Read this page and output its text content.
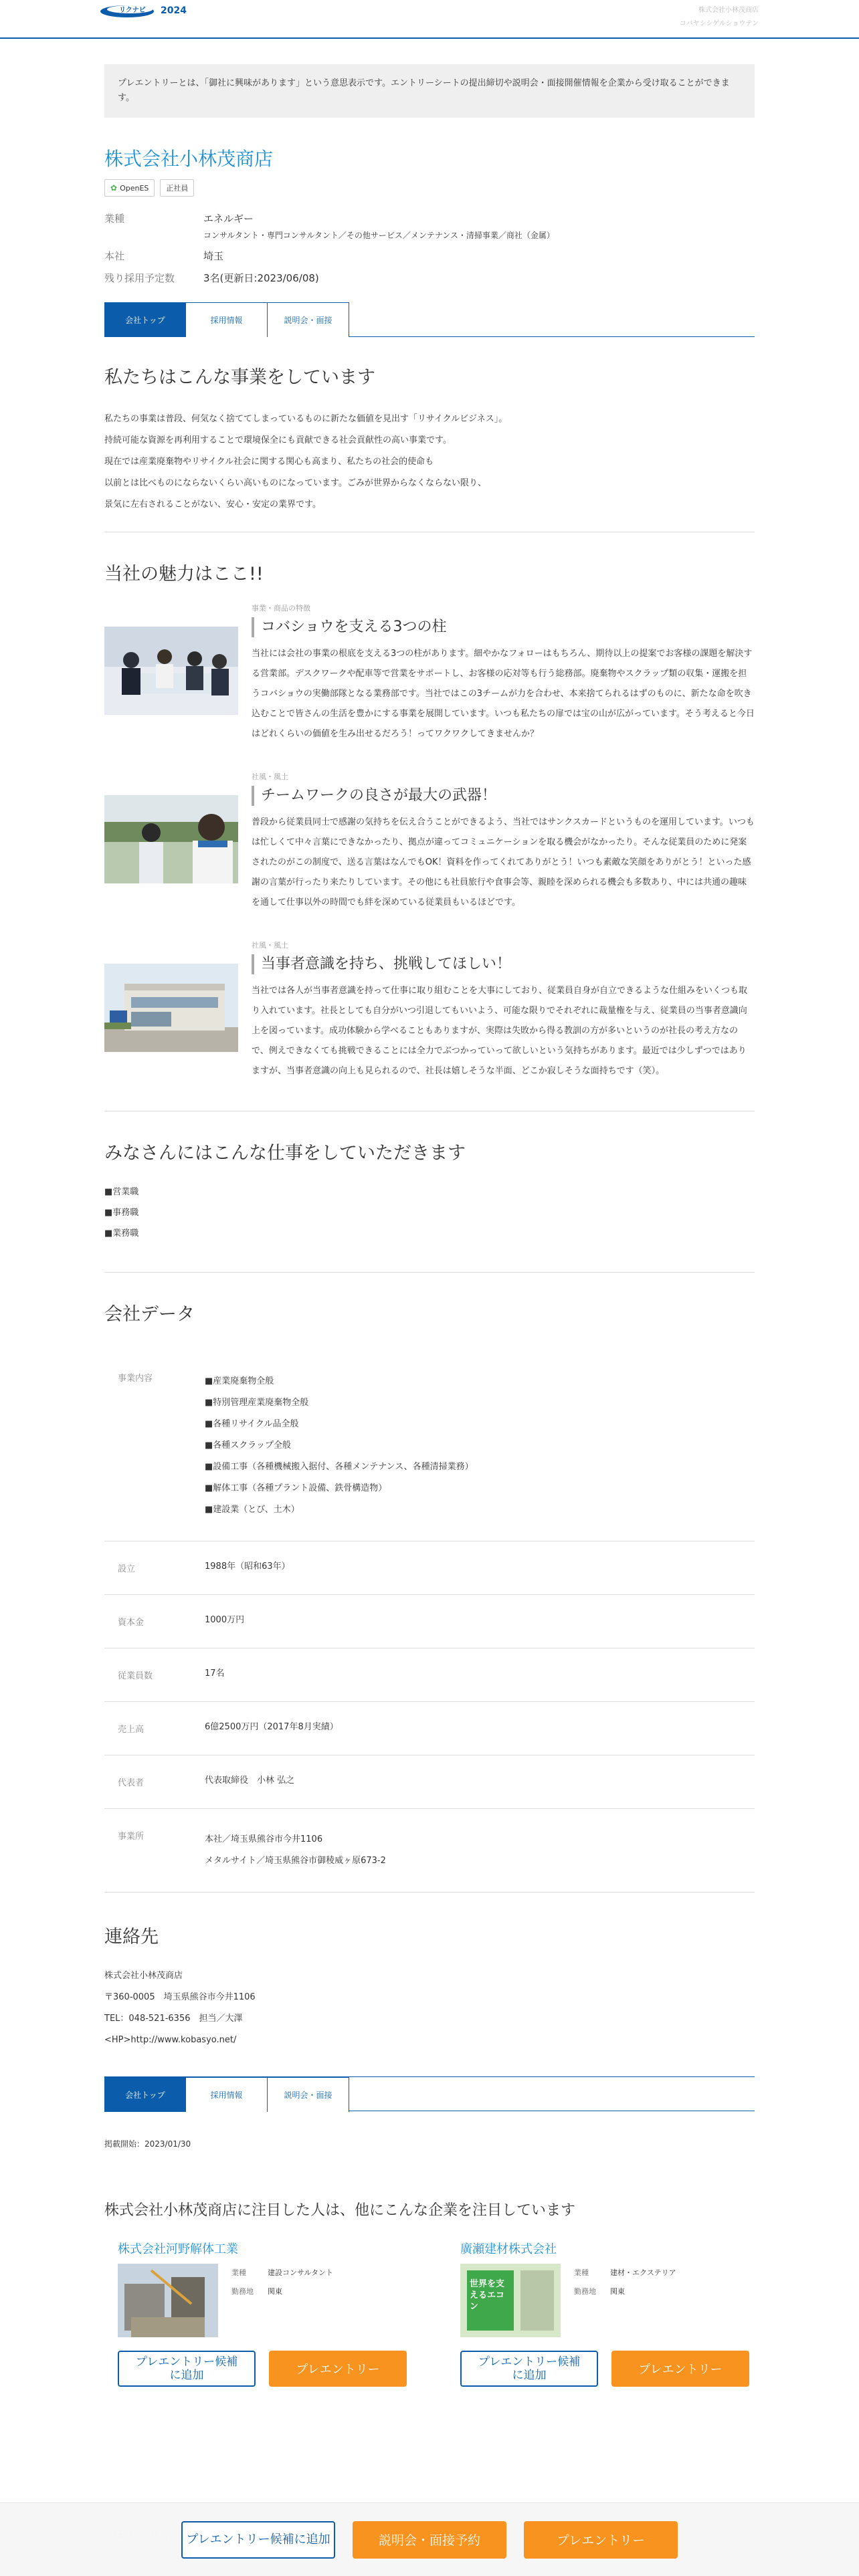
リクナビ 2024	株式会社小林茂商店
コバヤシシゲルショウテン
プレエントリーとは、「御社に興味があります」という意思表示です。エントリーシートの提出締切や説明会・面接開催情報を企業から受け取ることができます。
株式会社小林茂商店
✿ OpenES	正社員
業種	エネルギー
コンサルタント・専門コンサルタント／その他サービス／メンテナンス・清掃事業／商社（金属）
本社	埼玉
残り採用予定数	3名(更新日:2023/06/08)
会社トップ	採用情報	説明会・面接
私たちはこんな事業をしています
私たちの事業は普段、何気なく捨ててしまっているものに新たな価値を見出す「リサイクルビジネス」。
持続可能な資源を再利用することで環境保全にも貢献できる社会貢献性の高い事業です。
現在では産業廃棄物やリサイクル社会に関する関心も高まり、私たちの社会的使命も
以前とは比べものにならないくらい高いものになっています。ごみが世界からなくならない限り、
景気に左右されることがない、安心・安定の業界です。
当社の魅力はここ!!
事業・商品の特徴
コバショウを支える3つの柱
当社には会社の事業の根底を支える3つの柱があります。細やかなフォローはもちろん、期待以上の提案でお客様の課題を解決する営業部。デスクワークや配車等で営業をサポートし、お客様の応対等も行う総務部。廃棄物やスクラップ類の収集・運搬を担うコバショウの実働部隊となる業務部です。当社ではこの3チームが力を合わせ、本来捨てられるはずのものに、新たな命を吹き込むことで皆さんの生活を豊かにする事業を展開しています。いつも私たちの扉では宝の山が広がっています。そう考えると今日はどれくらいの価値を生み出せるだろう！ってワクワクしてきませんか？
社風・風土
チームワークの良さが最大の武器！
普段から従業員同士で感謝の気持ちを伝え合うことができるよう、当社ではサンクスカードというものを運用しています。いつもは忙しくて中々言葉にできなかったり、拠点が違ってコミュニケーションを取る機会がなかったり。そんな従業員のために発案されたのがこの制度で、送る言葉はなんでもOK！資料を作ってくれてありがとう！いつも素敵な笑顔をありがとう！といった感謝の言葉が行ったり来たりしています。その他にも社員旅行や食事会等、親睦を深められる機会も多数あり、中には共通の趣味を通して仕事以外の時間でも絆を深めている従業員もいるほどです。
社風・風土
当事者意識を持ち、挑戦してほしい！
当社では各人が当事者意識を持って仕事に取り組むことを大事にしており、従業員自身が自立できるような仕組みをいくつも取り入れています。社長としても自分がいつ引退してもいいよう、可能な限りでそれぞれに裁量権を与え、従業員の当事者意識向上を図っています。成功体験から学べることもありますが、実際は失敗から得る教訓の方が多いというのが社長の考え方なので、例えできなくても挑戦できることには全力でぶつかっていって欲しいという気持ちがあります。最近では少しずつではありますが、当事者意識の向上も見られるので、社長は嬉しそうな半面、どこか寂しそうな面持ちです（笑）。
みなさんにはこんな仕事をしていただきます
■営業職
■事務職
■業務職
会社データ
事業内容	■産業廃棄物全般
■特別管理産業廃棄物全般
■各種リサイクル品全般
■各種スクラップ全般
■設備工事（各種機械搬入据付、各種メンテナンス、各種清掃業務）
■解体工事（各種プラント設備、鉄骨構造物）
■建設業（とび、土木）
設立	1988年（昭和63年）
資本金	1000万円
従業員数	17名
売上高	6億2500万円（2017年8月実績）
代表者	代表取締役　小林 弘之
事業所	本社／埼玉県熊谷市今井1106
メタルサイト／埼玉県熊谷市御稜威ヶ原673-2
連絡先
株式会社小林茂商店
〒360-0005　埼玉県熊谷市今井1106
TEL：048-521-6356　担当／大澤
<HP>http://www.kobasyo.net/
会社トップ	採用情報	説明会・面接
掲載開始：2023/01/30
株式会社小林茂商店に注目した人は、他にこんな企業を注目しています
株式会社河野解体工業
業種	建設コンサルタント
勤務地 関東
プレエントリー候補
に追加	プレエントリー
廣瀬建材株式会社
世界を支えるエコン
業種	建材・エクステリア
勤務地 関東
プレエントリー候補
に追加	プレエントリー
プレエントリー候補に追加	説明会・面接予約	プレエントリー
